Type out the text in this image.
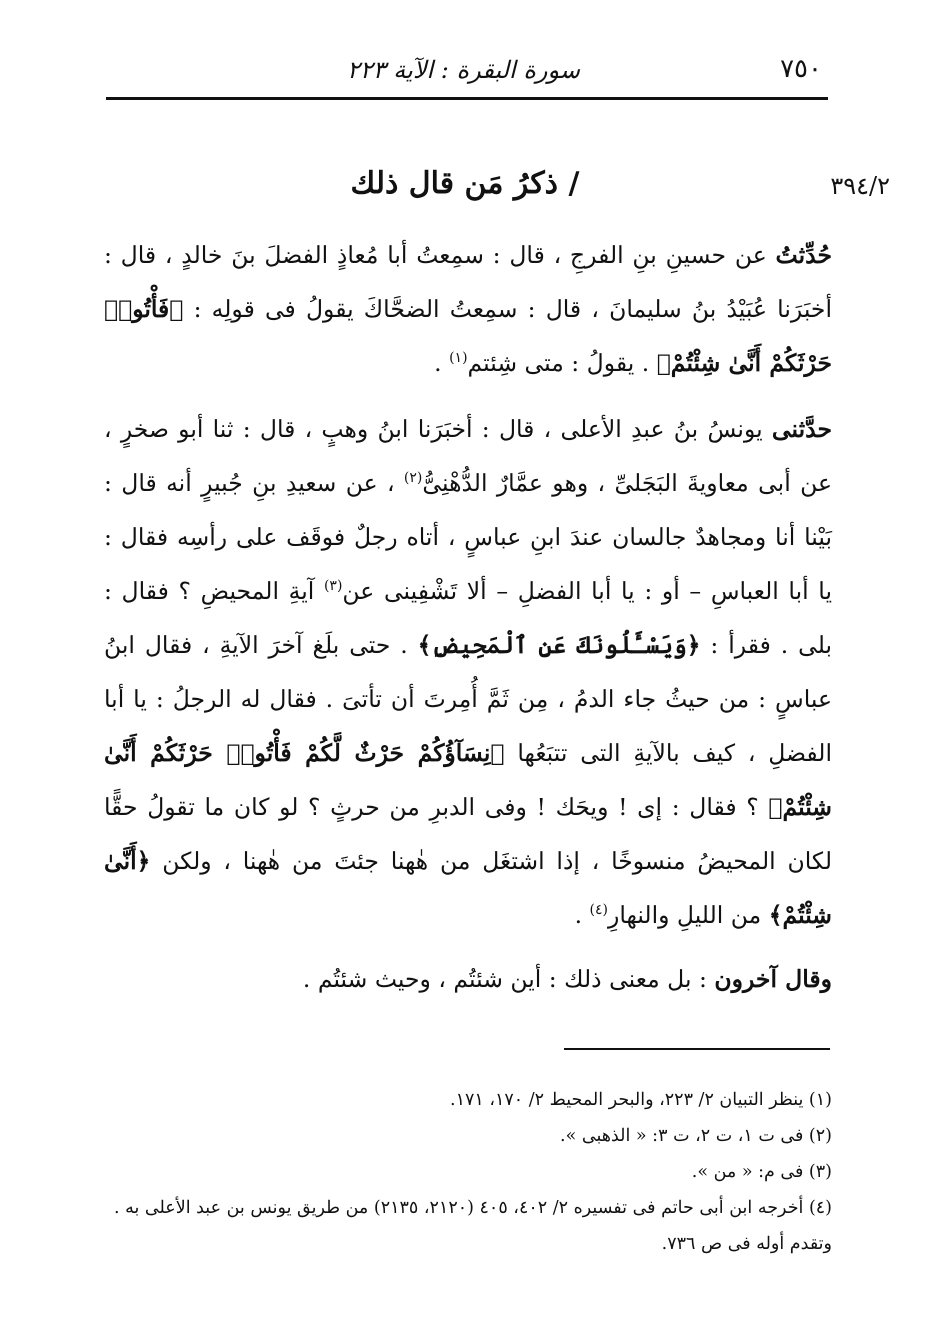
٧٥٠
سورة البقرة : الآية ٢٢٣
٣٩٤/٢
/ ذكرُ مَن قال ذلك

حُدِّثتُ عن حسينِ بنِ الفرجِ ، قال : سمِعتُ أبا مُعاذٍ الفضلَ بنَ خالدٍ ، قال : أخبَرَنا عُبَيْدُ بنُ سليمانَ ، قال : سمِعتُ الضحَّاكَ يقولُ فى قولِه : ﴿فَأْتُوا۟ حَرْثَكُمْ أَنَّىٰ شِئْتُمْ﴾ . يقولُ : متى شِئتم$^{(١)}$ .

حدَّثنى يونسُ بنُ عبدِ الأعلى ، قال : أخبَرَنا ابنُ وهبٍ ، قال : ثنا أبو صخرٍ ، عن أبى معاويةَ البَجَلىِّ ، وهو عمَّارٌ الدُّهْنِىُّ$^{(٢)}$ ، عن سعيدِ بنِ جُبيرٍ أنه قال : بَيْنا أنا ومجاهدٌ جالسان عندَ ابنِ عباسٍ ، أتاه رجلٌ فوقَف على رأسِه فقال : يا أبا العباسِ – أو : يا أبا الفضلِ – ألا تَشْفِينى عن$^{(٣)}$ آيةِ المحيضِ ؟ فقال : بلى . فقرأ : ﴿وَيَسْـَٔلُونَكَ عَنِ ٱلْمَحِيضِ﴾ . حتى بلَغ آخرَ الآيةِ ، فقال ابنُ عباسٍ : من حيثُ جاء الدمُ ، مِن ثَمَّ أُمِرتَ أن تأتىَ . فقال له الرجلُ : يا أبا الفضلِ ، كيف بالآيةِ التى تتبَعُها ﴿نِسَآؤُكُمْ حَرْثٌ لَّكُمْ فَأْتُوا۟ حَرْثَكُمْ أَنَّىٰ شِئْتُمْ﴾ ؟ فقال : إى ! ويحَك ! وفى الدبرِ من حرثٍ ؟ لو كان ما تقولُ حقًّا لكان المحيضُ منسوخًا ، إذا اشتغَل من هٰهنا جئتَ من هٰهنا ، ولكن ﴿أَنَّىٰ شِئْتُمْ﴾ من الليلِ والنهارِ$^{(٤)}$ .

وقال آخرون : بل معنى ذلك : أين شئتُم ، وحيث شئتُم .

(١) ينظر التبيان ٢/ ٢٢٣، والبحر المحيط ٢/ ١٧٠، ١٧١.

(٢) فى ت ١، ت ٢، ت ٣: « الذهبى ».

(٣) فى م: « من ».

(٤) أخرجه ابن أبى حاتم فى تفسيره ٢/ ٤٠٢، ٤٠٥ (٢١٢٠، ٢١٣٥) من طريق يونس بن عبد الأعلى به .

وتقدم أوله فى ص ٧٣٦.
